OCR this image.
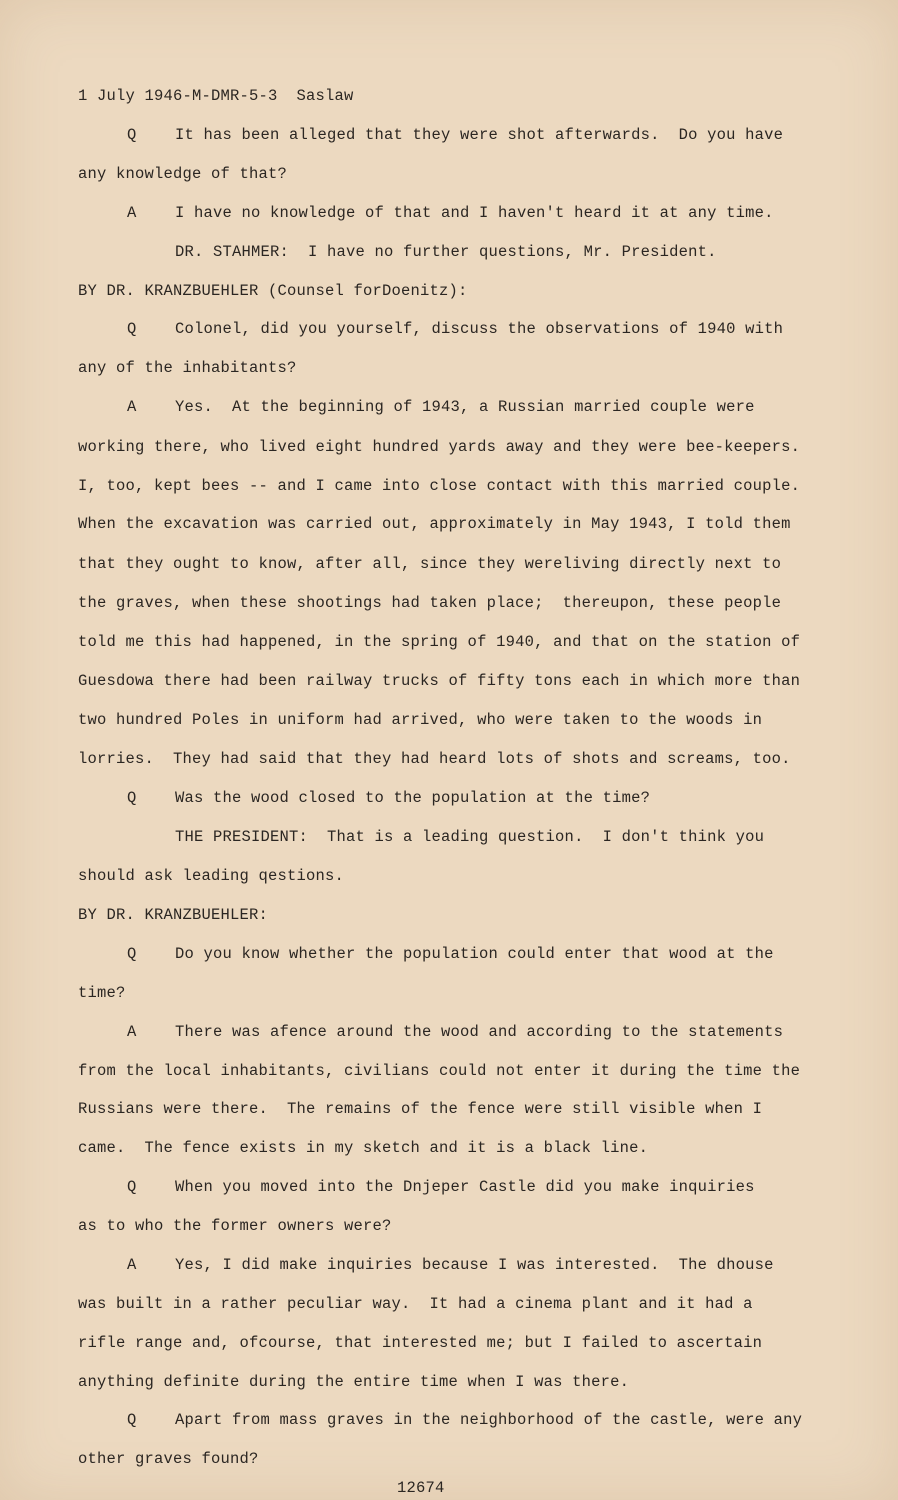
1 July 1946-M-DMR-5-3  Saslaw
Q It has been alleged that they were shot afterwards.  Do you have
any knowledge of that?
A I have no knowledge of that and I haven't heard it at any time.
DR. STAHMER:  I have no further questions, Mr. President.
BY DR. KRANZBUEHLER (Counsel forDoenitz):
Q Colonel, did you yourself, discuss the observations of 1940 with
any of the inhabitants?
A Yes.  At the beginning of 1943, a Russian married couple were
working there, who lived eight hundred yards away and they were bee-keepers.
I, too, kept bees -- and I came into close contact with this married couple.
When the excavation was carried out, approximately in May 1943, I told them
that they ought to know, after all, since they wereliving directly next to
the graves, when these shootings had taken place;  thereupon, these people
told me this had happened, in the spring of 1940, and that on the station of
Guesdowa there had been railway trucks of fifty tons each in which more than
two hundred Poles in uniform had arrived, who were taken to the woods in
lorries.  They had said that they had heard lots of shots and screams, too.
Q Was the wood closed to the population at the time?
THE PRESIDENT:  That is a leading question.  I don't think you
should ask leading qestions.
BY DR. KRANZBUEHLER:
Q Do you know whether the population could enter that wood at the
time?
A There was afence around the wood and according to the statements
from the local inhabitants, civilians could not enter it during the time the
Russians were there.  The remains of the fence were still visible when I
came.  The fence exists in my sketch and it is a black line.
Q When you moved into the Dnjeper Castle did you make inquiries
as to who the former owners were?
A Yes, I did make inquiries because I was interested.  The dhouse
was built in a rather peculiar way.  It had a cinema plant and it had a
rifle range and, ofcourse, that interested me; but I failed to ascertain
anything definite during the entire time when I was there.
Q Apart from mass graves in the neighborhood of the castle, were any
other graves found?
12674
